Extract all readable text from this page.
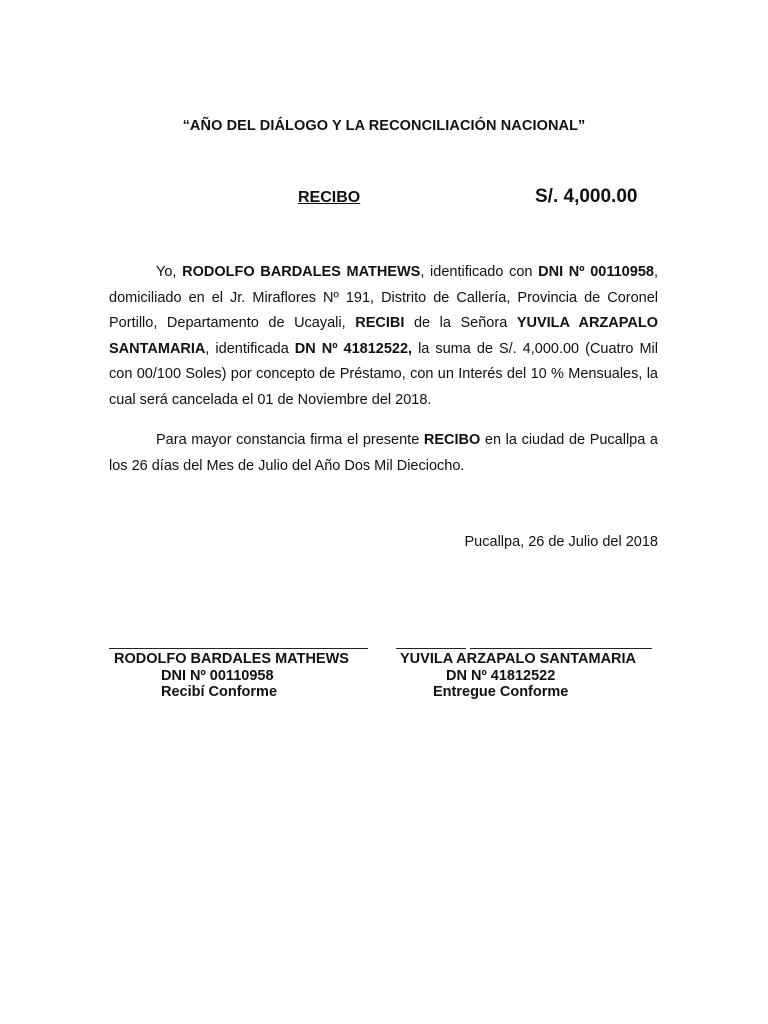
“AÑO DEL DIÁLOGO Y LA RECONCILIACIÓN NACIONAL”
RECIBO	S/. 4,000.00

Yo, RODOLFO BARDALES MATHEWS, identificado con DNI Nº 00110958, domiciliado en el Jr. Miraflores Nº 191, Distrito de Callería, Provincia de Coronel Portillo, Departamento de Ucayali, RECIBI de la Señora YUVILA ARZAPALO SANTAMARIA, identificada DN Nº 41812522, la suma de S/. 4,000.00 (Cuatro Mil con 00/100 Soles) por concepto de Préstamo, con un Interés del 10 % Mensuales, la cual será cancelada el 01 de Noviembre del 2018.

Para mayor constancia firma el presente RECIBO en la ciudad de Pucallpa a los 26 días del Mes de Julio del Año Dos Mil Dieciocho.

Pucallpa, 26 de Julio del 2018
RODOLFO BARDALES MATHEWS
DNI Nº 00110958
Recibí Conforme
YUVILA ARZAPALO SANTAMARIA
DN Nº 41812522
Entregue Conforme
